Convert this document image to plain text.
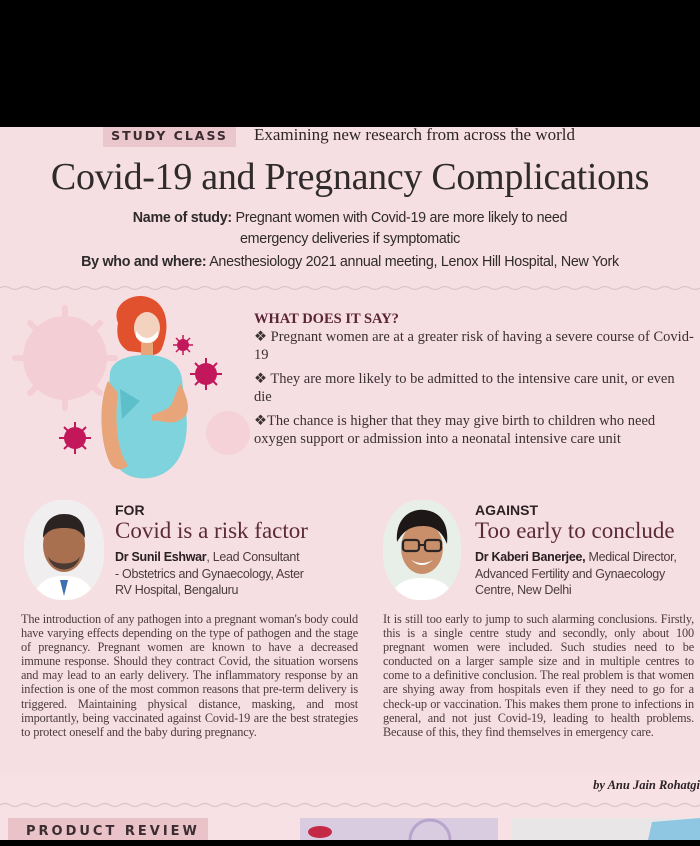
STUDY CLASS	Examining new research from across the world
Covid-19 and Pregnancy Complications
Name of study: Pregnant women with Covid-19 are more likely to need
emergency deliveries if symptomatic
By who and where: Anesthesiology 2021 annual meeting, Lenox Hill Hospital, New York
WHAT DOES IT SAY?

❖ Pregnant women are at a greater risk of having a severe course of Covid-19

❖ They are more likely to be admitted to the intensive care unit, or even die

❖The chance is higher that they may give birth to children who need oxygen support or admission into a neonatal intensive care unit

FOR
Covid is a risk factor
Dr Sunil Eshwar, Lead Consultant
- Obstetrics and Gynaecology, Aster
RV Hospital, Bengaluru
The introduction of any pathogen into a pregnant woman's body could have varying effects depending on the type of pathogen and the stage of pregnancy. Pregnant women are known to have a decreased immune response. Should they contract Covid, the situation worsens and may lead to an early delivery. The inflammatory response by an infection is one of the most common reasons that pre-term delivery is triggered. Maintaining physical distance, masking, and most importantly, being vaccinated against Covid-19 are the best strategies to protect oneself and the baby during pregnancy.
AGAINST
Too early to conclude
Dr Kaberi Banerjee, Medical Director,
Advanced Fertility and Gynaecology
Centre, New Delhi
It is still too early to jump to such alarming conclusions. Firstly, this is a single centre study and secondly, only about 100 pregnant women were included. Such studies need to be conducted on a larger sample size and in multiple centres to come to a definitive conclusion. The real problem is that women are shying away from hospitals even if they need to go for a check-up or vaccination. This makes them prone to infections in general, and not just Covid-19, leading to health problems. Because of this, they find themselves in emergency care.
by Anu Jain Rohatgi
PRODUCT REVIEW
